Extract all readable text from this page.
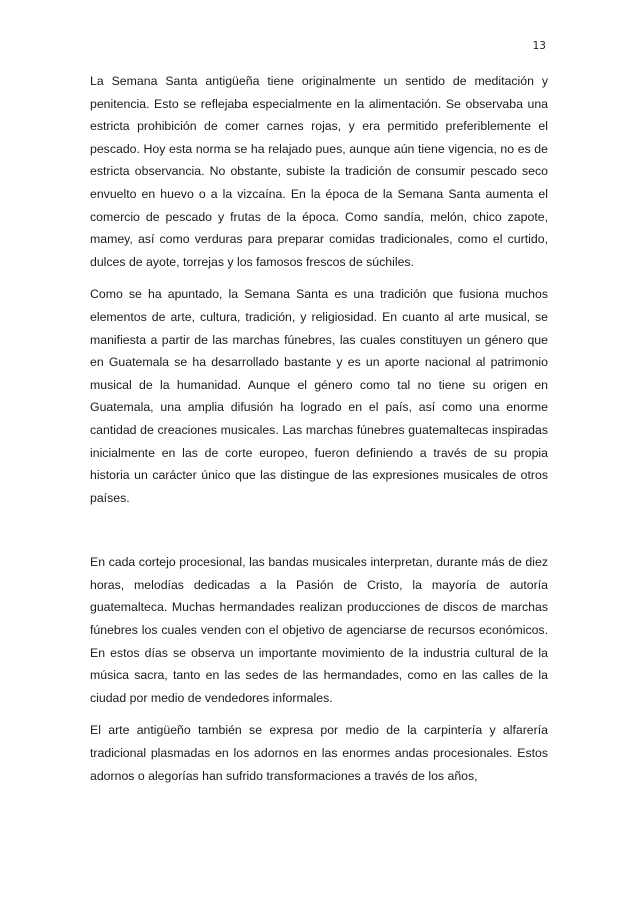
13

La Semana Santa antigüeña tiene originalmente un sentido de meditación y penitencia. Esto se reflejaba especialmente en la alimentación. Se observaba una estricta prohibición de comer carnes rojas, y era permitido preferiblemente el pescado. Hoy esta norma se ha relajado pues, aunque aún tiene vigencia, no es de estricta observancia. No obstante, subiste la tradición de consumir pescado seco envuelto en huevo o a la vizcaína. En la época de la Semana Santa aumenta el comercio de pescado y frutas de la época. Como sandía, melón, chico zapote, mamey, así como verduras para preparar comidas tradicionales, como el curtido, dulces de ayote, torrejas y los famosos frescos de súchiles.

Como se ha apuntado, la Semana Santa es una tradición que fusiona muchos elementos de arte, cultura, tradición, y religiosidad. En cuanto al arte musical, se manifiesta a partir de las marchas fúnebres, las cuales constituyen un género que en Guatemala se ha desarrollado bastante y es un aporte nacional al patrimonio musical de la humanidad. Aunque el género como tal no tiene su origen en Guatemala, una amplia difusión ha logrado en el país, así como una enorme cantidad de creaciones musicales. Las marchas fúnebres guatemaltecas inspiradas inicialmente en las de corte europeo, fueron definiendo a través de su propia historia un carácter único que las distingue de las expresiones musicales de otros países.

En cada cortejo procesional, las bandas musicales interpretan, durante más de diez horas, melodías dedicadas a la Pasión de Cristo, la mayoría de autoría guatemalteca. Muchas hermandades realizan producciones de discos de marchas fúnebres los cuales venden con el objetivo de agenciarse de recursos económicos. En estos días se observa un importante movimiento de la industria cultural de la música sacra, tanto en las sedes de las hermandades, como en las calles de la ciudad por medio de vendedores informales.

El arte antigüeño también se expresa por medio de la carpintería y alfarería tradicional plasmadas en los adornos en las enormes andas procesionales. Estos adornos o alegorías han sufrido transformaciones a través de los años,
